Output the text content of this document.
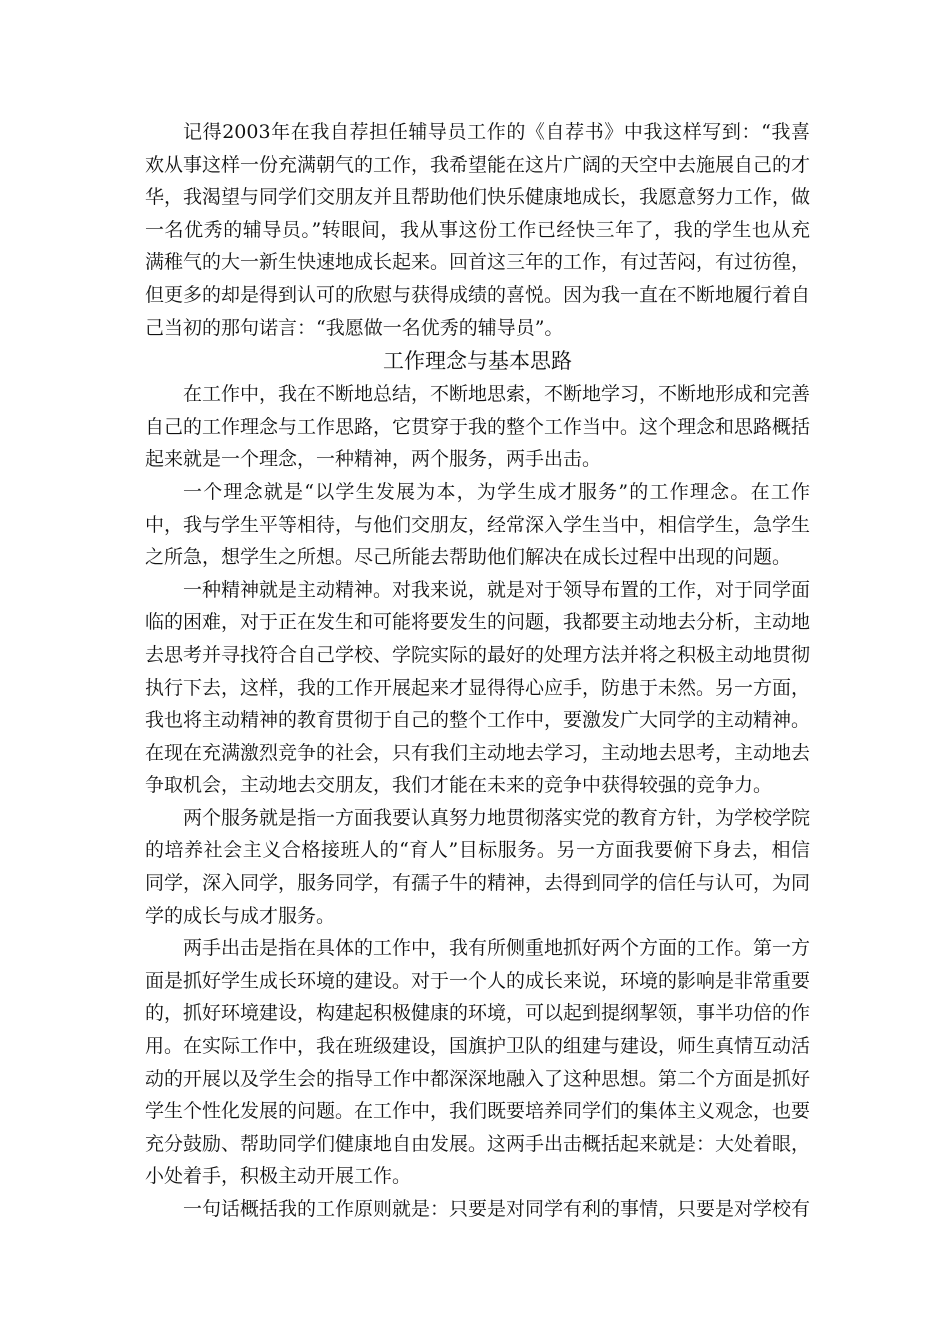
记得2003年在我自荐担任辅导员工作的《自荐书》中我这样写到：“我喜欢从事这样一份充满朝气的工作，我希望能在这片广阔的天空中去施展自己的才华，我渴望与同学们交朋友并且帮助他们快乐健康地成长，我愿意努力工作，做一名优秀的辅导员。”转眼间，我从事这份工作已经快三年了，我的学生也从充满稚气的大一新生快速地成长起来。回首这三年的工作，有过苦闷，有过彷徨，但更多的却是得到认可的欣慰与获得成绩的喜悦。因为我一直在不断地履行着自己当初的那句诺言：“我愿做一名优秀的辅导员”。

工作理念与基本思路

在工作中，我在不断地总结，不断地思索，不断地学习，不断地形成和完善自己的工作理念与工作思路，它贯穿于我的整个工作当中。这个理念和思路概括起来就是一个理念，一种精神，两个服务，两手出击。

一个理念就是“以学生发展为本，为学生成才服务”的工作理念。在工作中，我与学生平等相待，与他们交朋友，经常深入学生当中，相信学生，急学生之所急，想学生之所想。尽己所能去帮助他们解决在成长过程中出现的问题。

一种精神就是主动精神。对我来说，就是对于领导布置的工作，对于同学面临的困难，对于正在发生和可能将要发生的问题，我都要主动地去分析，主动地去思考并寻找符合自己学校、学院实际的最好的处理方法并将之积极主动地贯彻执行下去，这样，我的工作开展起来才显得得心应手，防患于未然。另一方面，我也将主动精神的教育贯彻于自己的整个工作中，要激发广大同学的主动精神。在现在充满激烈竞争的社会，只有我们主动地去学习，主动地去思考，主动地去争取机会，主动地去交朋友，我们才能在未来的竞争中获得较强的竞争力。

两个服务就是指一方面我要认真努力地贯彻落实党的教育方针，为学校学院的培养社会主义合格接班人的“育人”目标服务。另一方面我要俯下身去，相信同学，深入同学，服务同学，有孺子牛的精神，去得到同学的信任与认可，为同学的成长与成才服务。

两手出击是指在具体的工作中，我有所侧重地抓好两个方面的工作。第一方面是抓好学生成长环境的建设。对于一个人的成长来说，环境的影响是非常重要的，抓好环境建设，构建起积极健康的环境，可以起到提纲挈领，事半功倍的作用。在实际工作中，我在班级建设，国旗护卫队的组建与建设，师生真情互动活动的开展以及学生会的指导工作中都深深地融入了这种思想。第二个方面是抓好学生个性化发展的问题。在工作中，我们既要培养同学们的集体主义观念，也要充分鼓励、帮助同学们健康地自由发展。这两手出击概括起来就是：大处着眼，小处着手，积极主动开展工作。

一句话概括我的工作原则就是：只要是对同学有利的事情，只要是对学校有
